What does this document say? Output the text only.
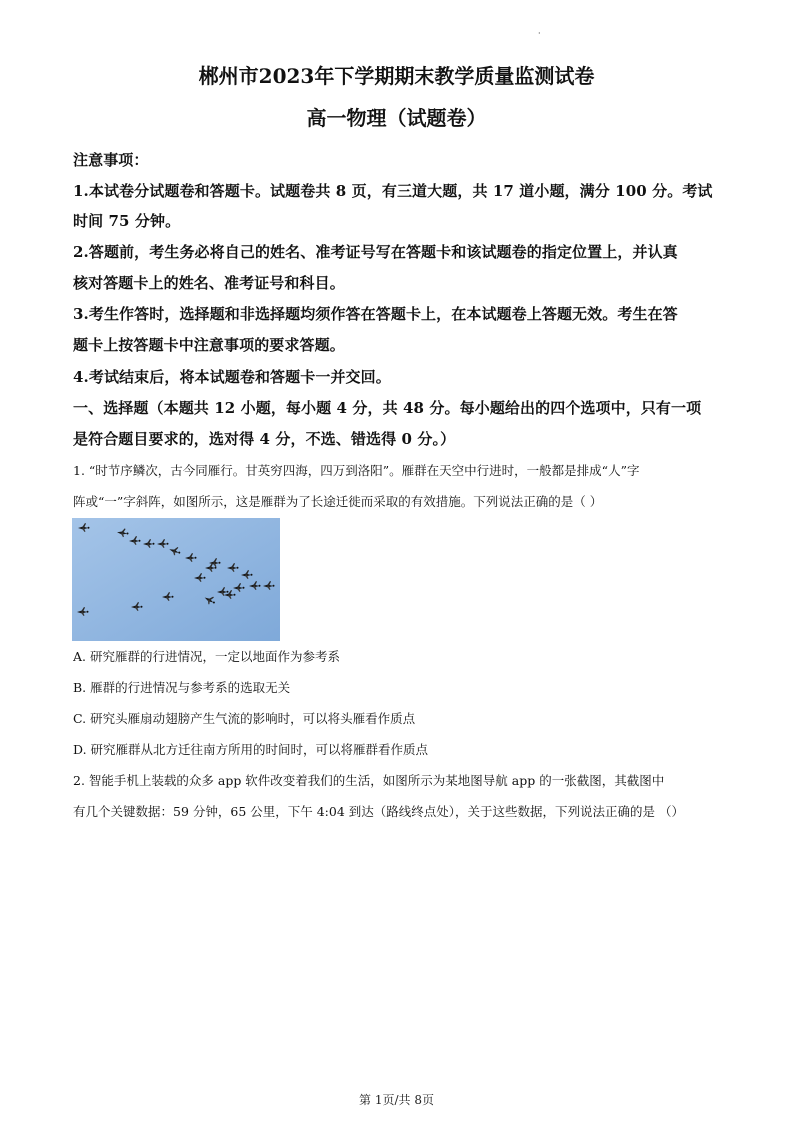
·
郴州市2023年下学期期末教学质量监测试卷
高一物理（试题卷）
注意事项：
1.本试卷分试题卷和答题卡。试题卷共 8 页，有三道大题，共 17 道小题，满分 100 分。考试
时间 75 分钟。
2.答题前，考生务必将自己的姓名、准考证号写在答题卡和该试题卷的指定位置上，并认真
核对答题卡上的姓名、准考证号和科目。
3.考生作答时，选择题和非选择题均须作答在答题卡上，在本试题卷上答题无效。考生在答
题卡上按答题卡中注意事项的要求答题。
4.考试结束后，将本试题卷和答题卡一并交回。
一、选择题（本题共 12 小题，每小题 4 分，共 48 分。每小题给出的四个选项中，只有一项
是符合题目要求的，选对得 4 分，不选、错选得 0 分。）
1. “时节序鳞次，古今同雁行。甘英穷四海，四万到洛阳”。雁群在天空中行进时，一般都是排成“人”字
阵或“一”字斜阵，如图所示，这是雁群为了长途迁徙而采取的有效措施。下列说法正确的是（ ）
A. 研究雁群的行进情况，一定以地面作为参考系
B. 雁群的行进情况与参考系的选取无关
C. 研究头雁扇动翅膀产生气流的影响时，可以将头雁看作质点
D. 研究雁群从北方迁往南方所用的时间时，可以将雁群看作质点
2. 智能手机上装载的众多 app 软件改变着我们的生活，如图所示为某地图导航 app 的一张截图，其截图中
有几个关键数据：59 分钟，65 公里，下午 4:04 到达（路线终点处），关于这些数据，下列说法正确的是 （）
第 1页/共 8页
